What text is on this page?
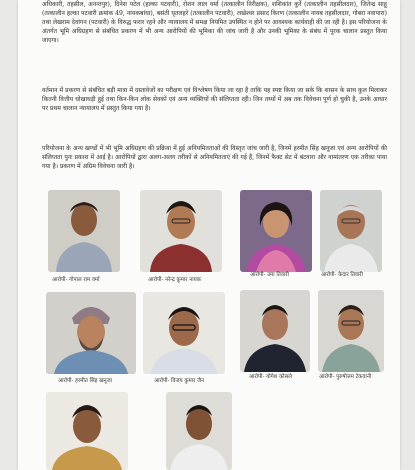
अधिकारी, तहसील, अनन्तपुर), दिनेश पटेल (हल्का पटवारी), रोशन लाल वर्मा (तत्कालीन निरीक्षक), शशिकांत कुर्रे (तत्कालीन तहसीलदार), जितेन्द्र साहू (तत्कालीन हल्का पटवारी क्रमांक 49, नायकबांधा), बसंती घृतलहरे (तत्कालीन पटवारी), लखेश्वर प्रसाद किरण (तत्कालीन नायब तहसीलदार, गोबरा नवापारा) तथा लेखराम देवांगन (पटवारी) के विरुद्ध फरार रहने और न्यायालय में समक्ष नियमित उपस्थित न होने पर आवश्यक कार्यवाही की जा रही है। इस परियोजना के अंतर्गत भूमि अधिग्रहण से संबंधित प्रकरण में भी अन्य आरोपियों की भूमिका की जांच जारी है और उनकी भूमिका के संबंध में पूरक चालान प्रस्तुत किया जाएगा।
वर्तमान में प्रकरण से संबंधित बड़ी मात्रा में दस्तावेजों का परीक्षण एवं विश्लेषण किया जा रहा है ताकि यह स्पष्ट किया जा सके कि शासन के साथ कुल मिलाकर कितनी वित्तीय धोखाधड़ी हुई तथा किन-किन लोक सेवकों एवं अन्य व्यक्तियों की संलिप्तता रही। जिन तथ्यों में अब तक विवेचना पूर्ण हो चुकी है, उनके आधार पर प्रथम चालान न्यायालय में प्रस्तुत किया गया है।
परियोजना के अन्य खण्डों में भी भूमि अधिग्रहण की प्रक्रिया में हुई अनियमितताओं की विस्तृत जांच जारी है, जिनमें हरमीत सिंह खनूजा एवं अन्य आरोपियों की संलिप्तता पुनः प्रकाश में आई है। आरोपियों द्वारा अलग-अलग तरीकों से अनियमितताएं की गई हैं, जिनमें फैक्ट सेट में बंटवारा और नामांतरण एक तरीका पाया गया है। प्रकरण में अग्रिम विवेचना जारी है।
आरोपी- गोपाल राम वर्मा	आरोपी- नरेन्द्र कुमार नायक
आरोपी- उमा तिवारी	आरोपी- केदार तिवारी
आरोपी- हरमीत सिंह खनूजा	आरोपी- विजय कुमार जैन
आरोपी- योगेश कोसले	आरोपी- पुरुषोत्तम टेकवानी
